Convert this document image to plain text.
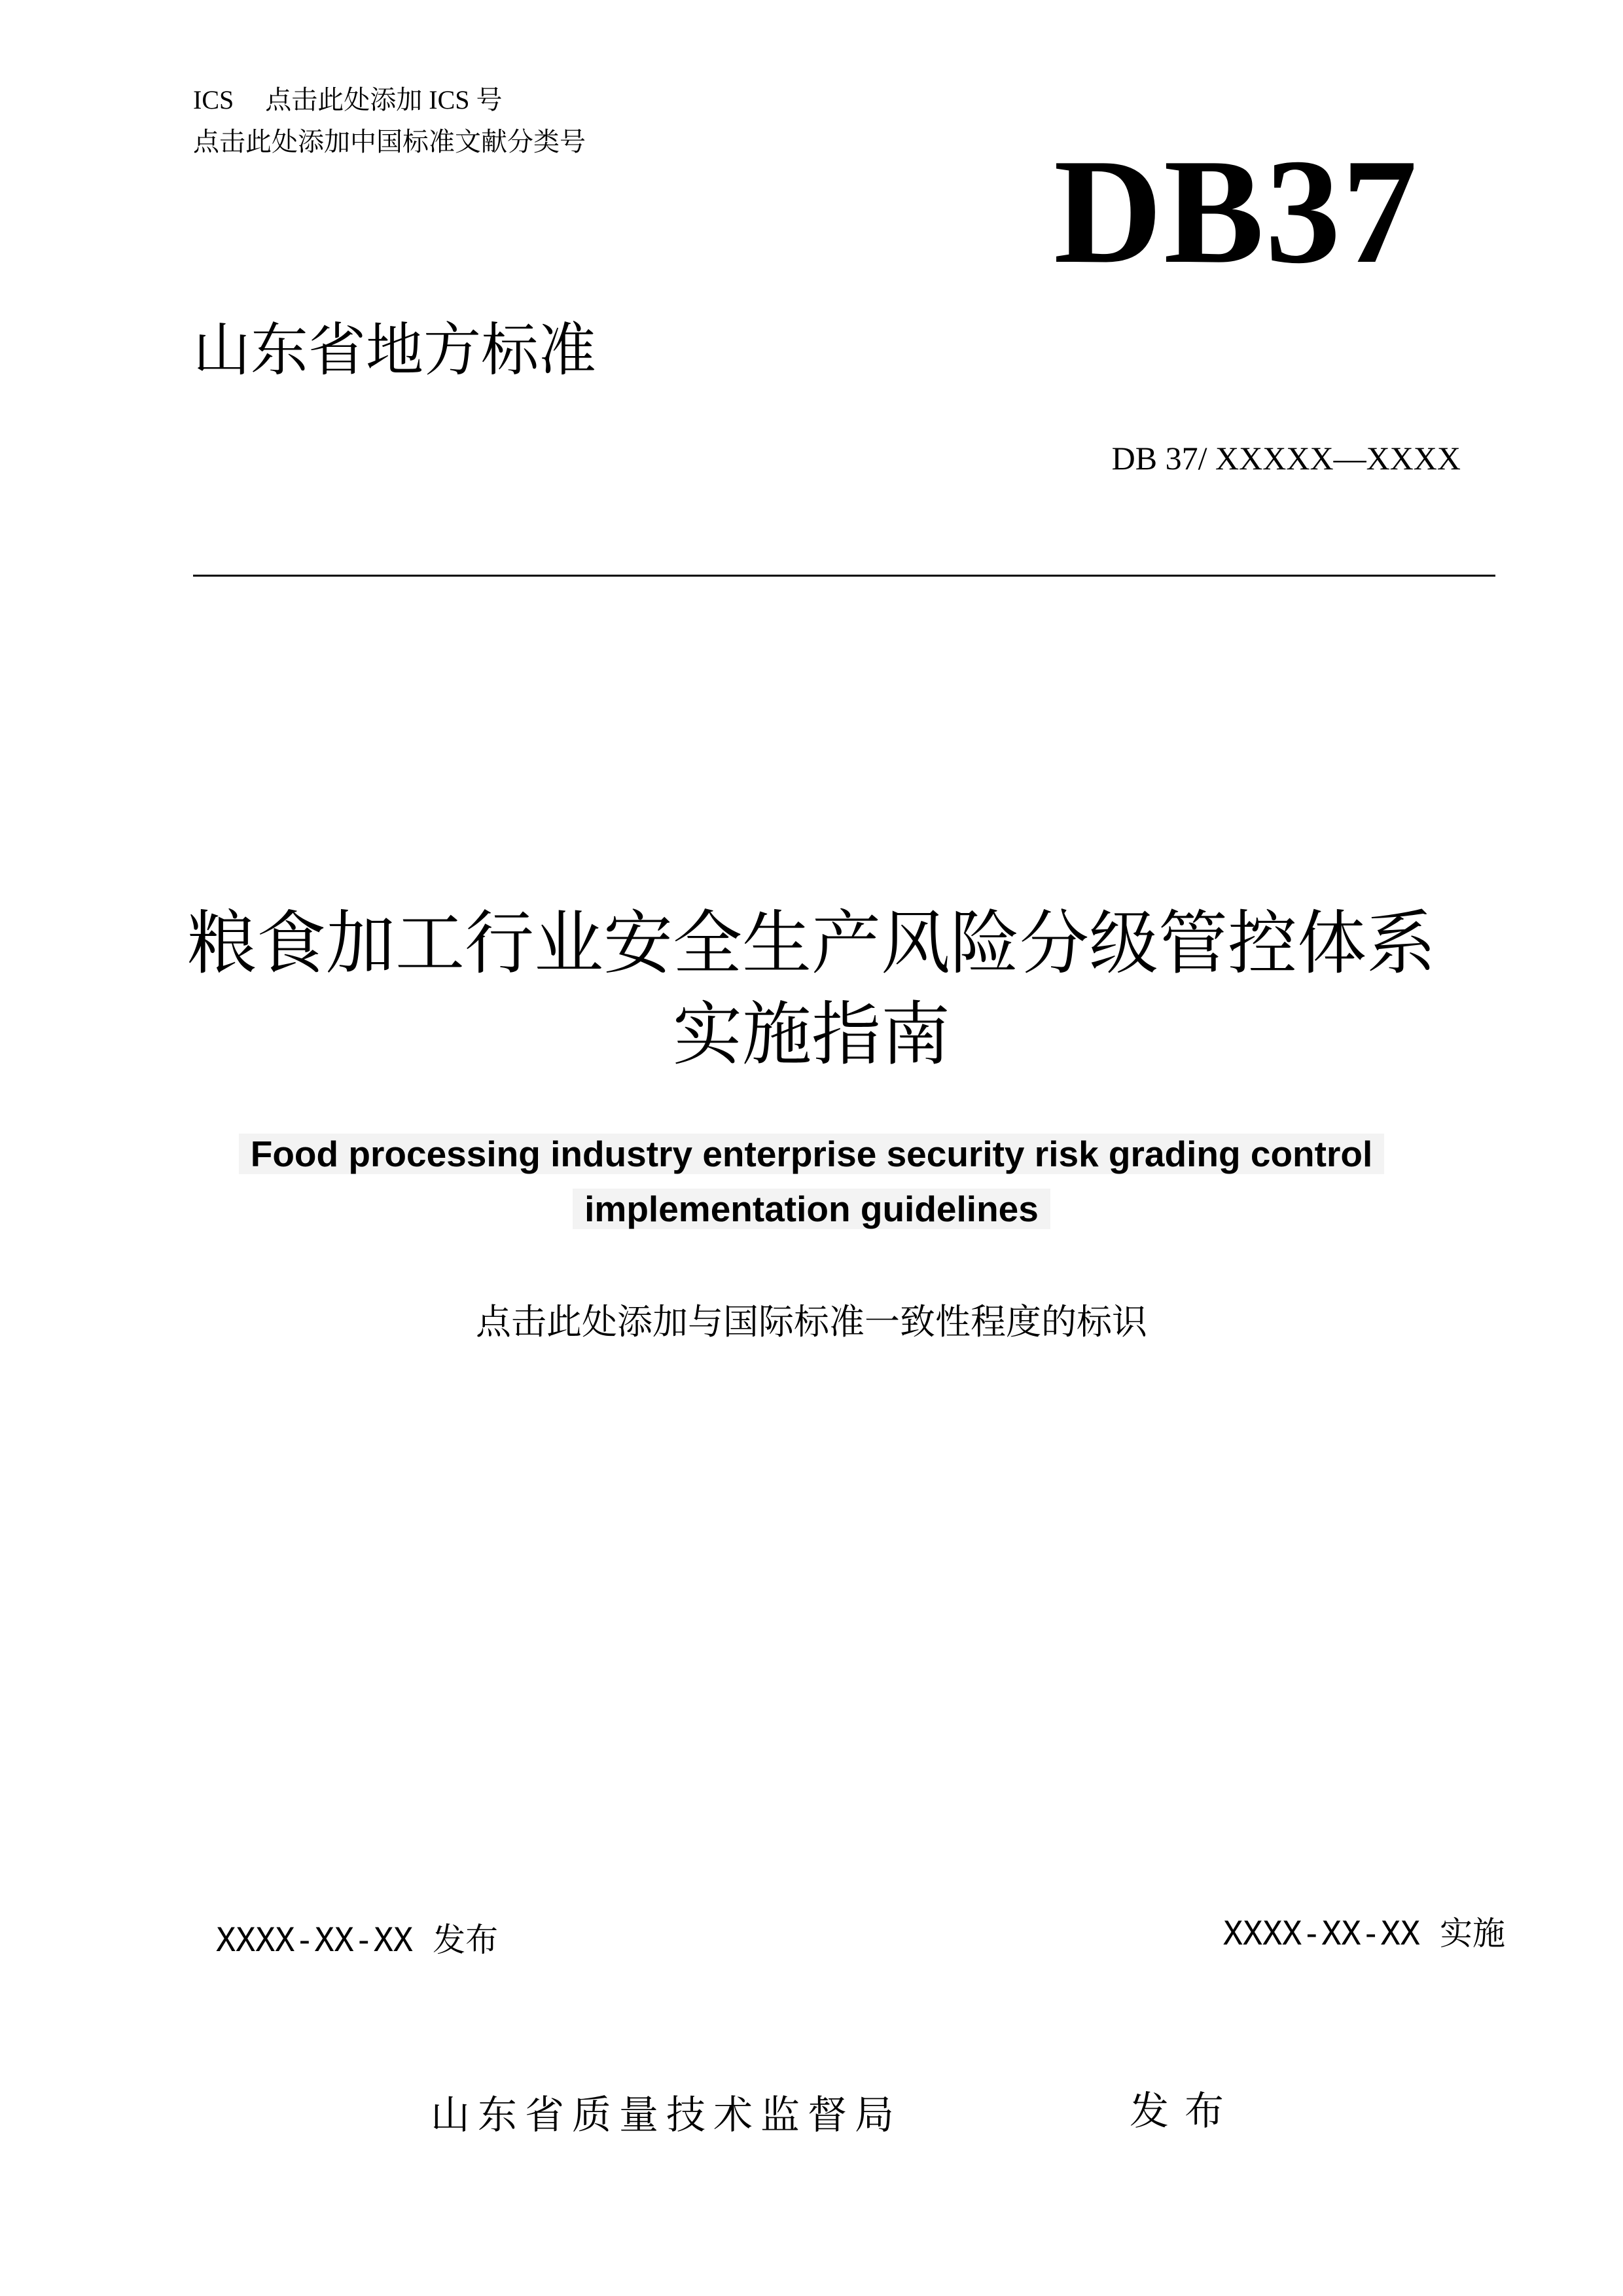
ICS 点击此处添加 ICS 号
点击此处添加中国标准文献分类号	DB37
山东省地方标准
DB 37/ XXXXX—XXXX
粮食加工行业安全生产风险分级管控体系
实施指南
Food processing industry enterprise security risk grading control
implementation guidelines
点击此处添加与国际标准一致性程度的标识
XXXX-XX-XX 发布	XXXX-XX-XX 实施
山东省质量技术监督局	发布
